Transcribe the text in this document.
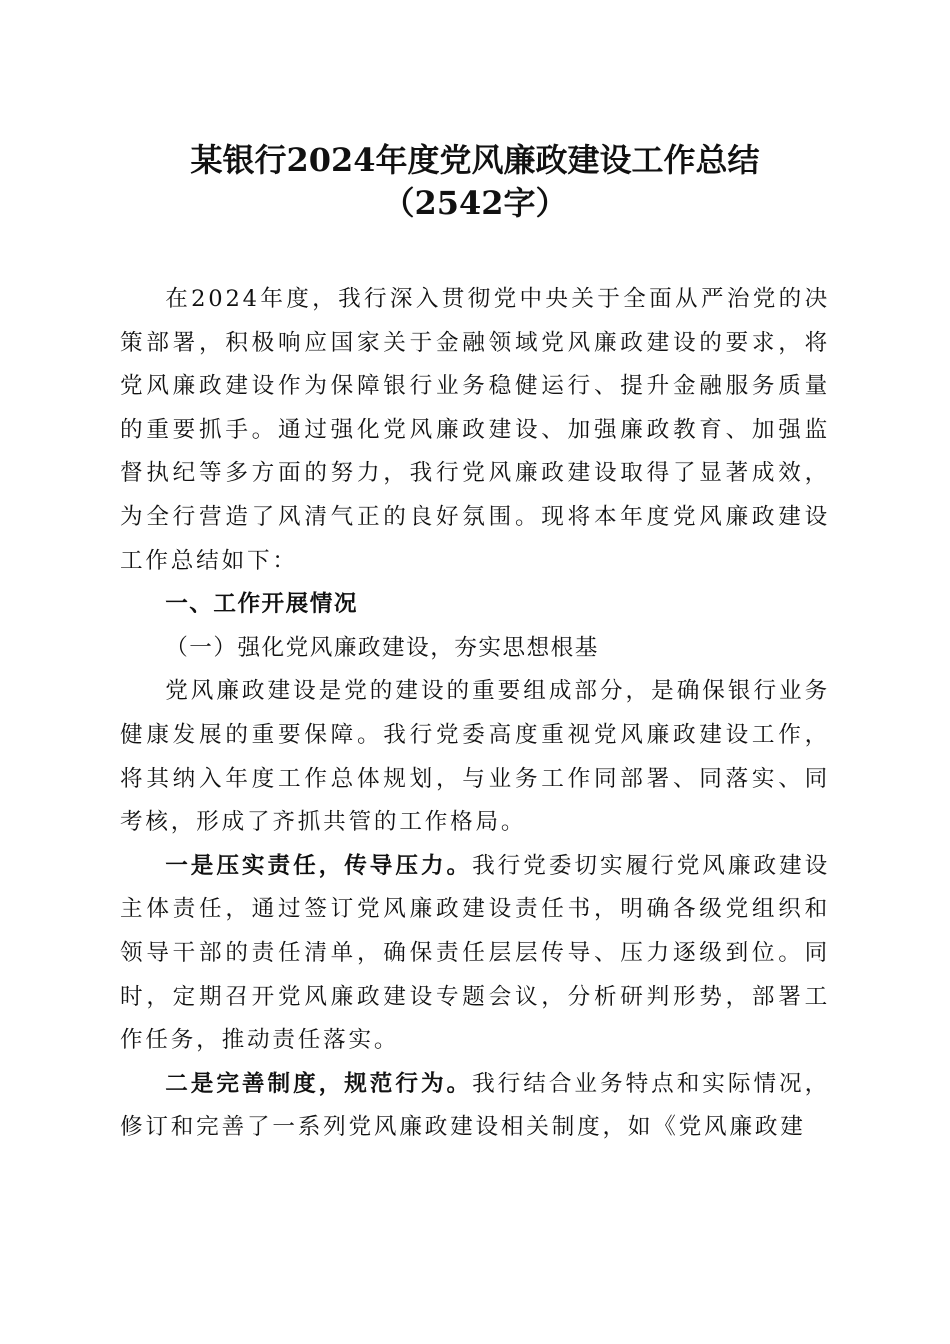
某银行2024年度党风廉政建设工作总结
（2542字）

在2024年度，我行深入贯彻党中央关于全面从严治党的决策部署，积极响应国家关于金融领域党风廉政建设的要求，将党风廉政建设作为保障银行业务稳健运行、提升金融服务质量的重要抓手。通过强化党风廉政建设、加强廉政教育、加强监督执纪等多方面的努力，我行党风廉政建设取得了显著成效，为全行营造了风清气正的良好氛围。现将本年度党风廉政建设工作总结如下：

一、工作开展情况

（一）强化党风廉政建设，夯实思想根基

党风廉政建设是党的建设的重要组成部分，是确保银行业务健康发展的重要保障。我行党委高度重视党风廉政建设工作，将其纳入年度工作总体规划，与业务工作同部署、同落实、同考核，形成了齐抓共管的工作格局。

一是压实责任，传导压力。我行党委切实履行党风廉政建设主体责任，通过签订党风廉政建设责任书，明确各级党组织和领导干部的责任清单，确保责任层层传导、压力逐级到位。同时，定期召开党风廉政建设专题会议，分析研判形势，部署工作任务，推动责任落实。

二是完善制度，规范行为。我行结合业务特点和实际情况，修订和完善了一系列党风廉政建设相关制度，如《党风廉政建
